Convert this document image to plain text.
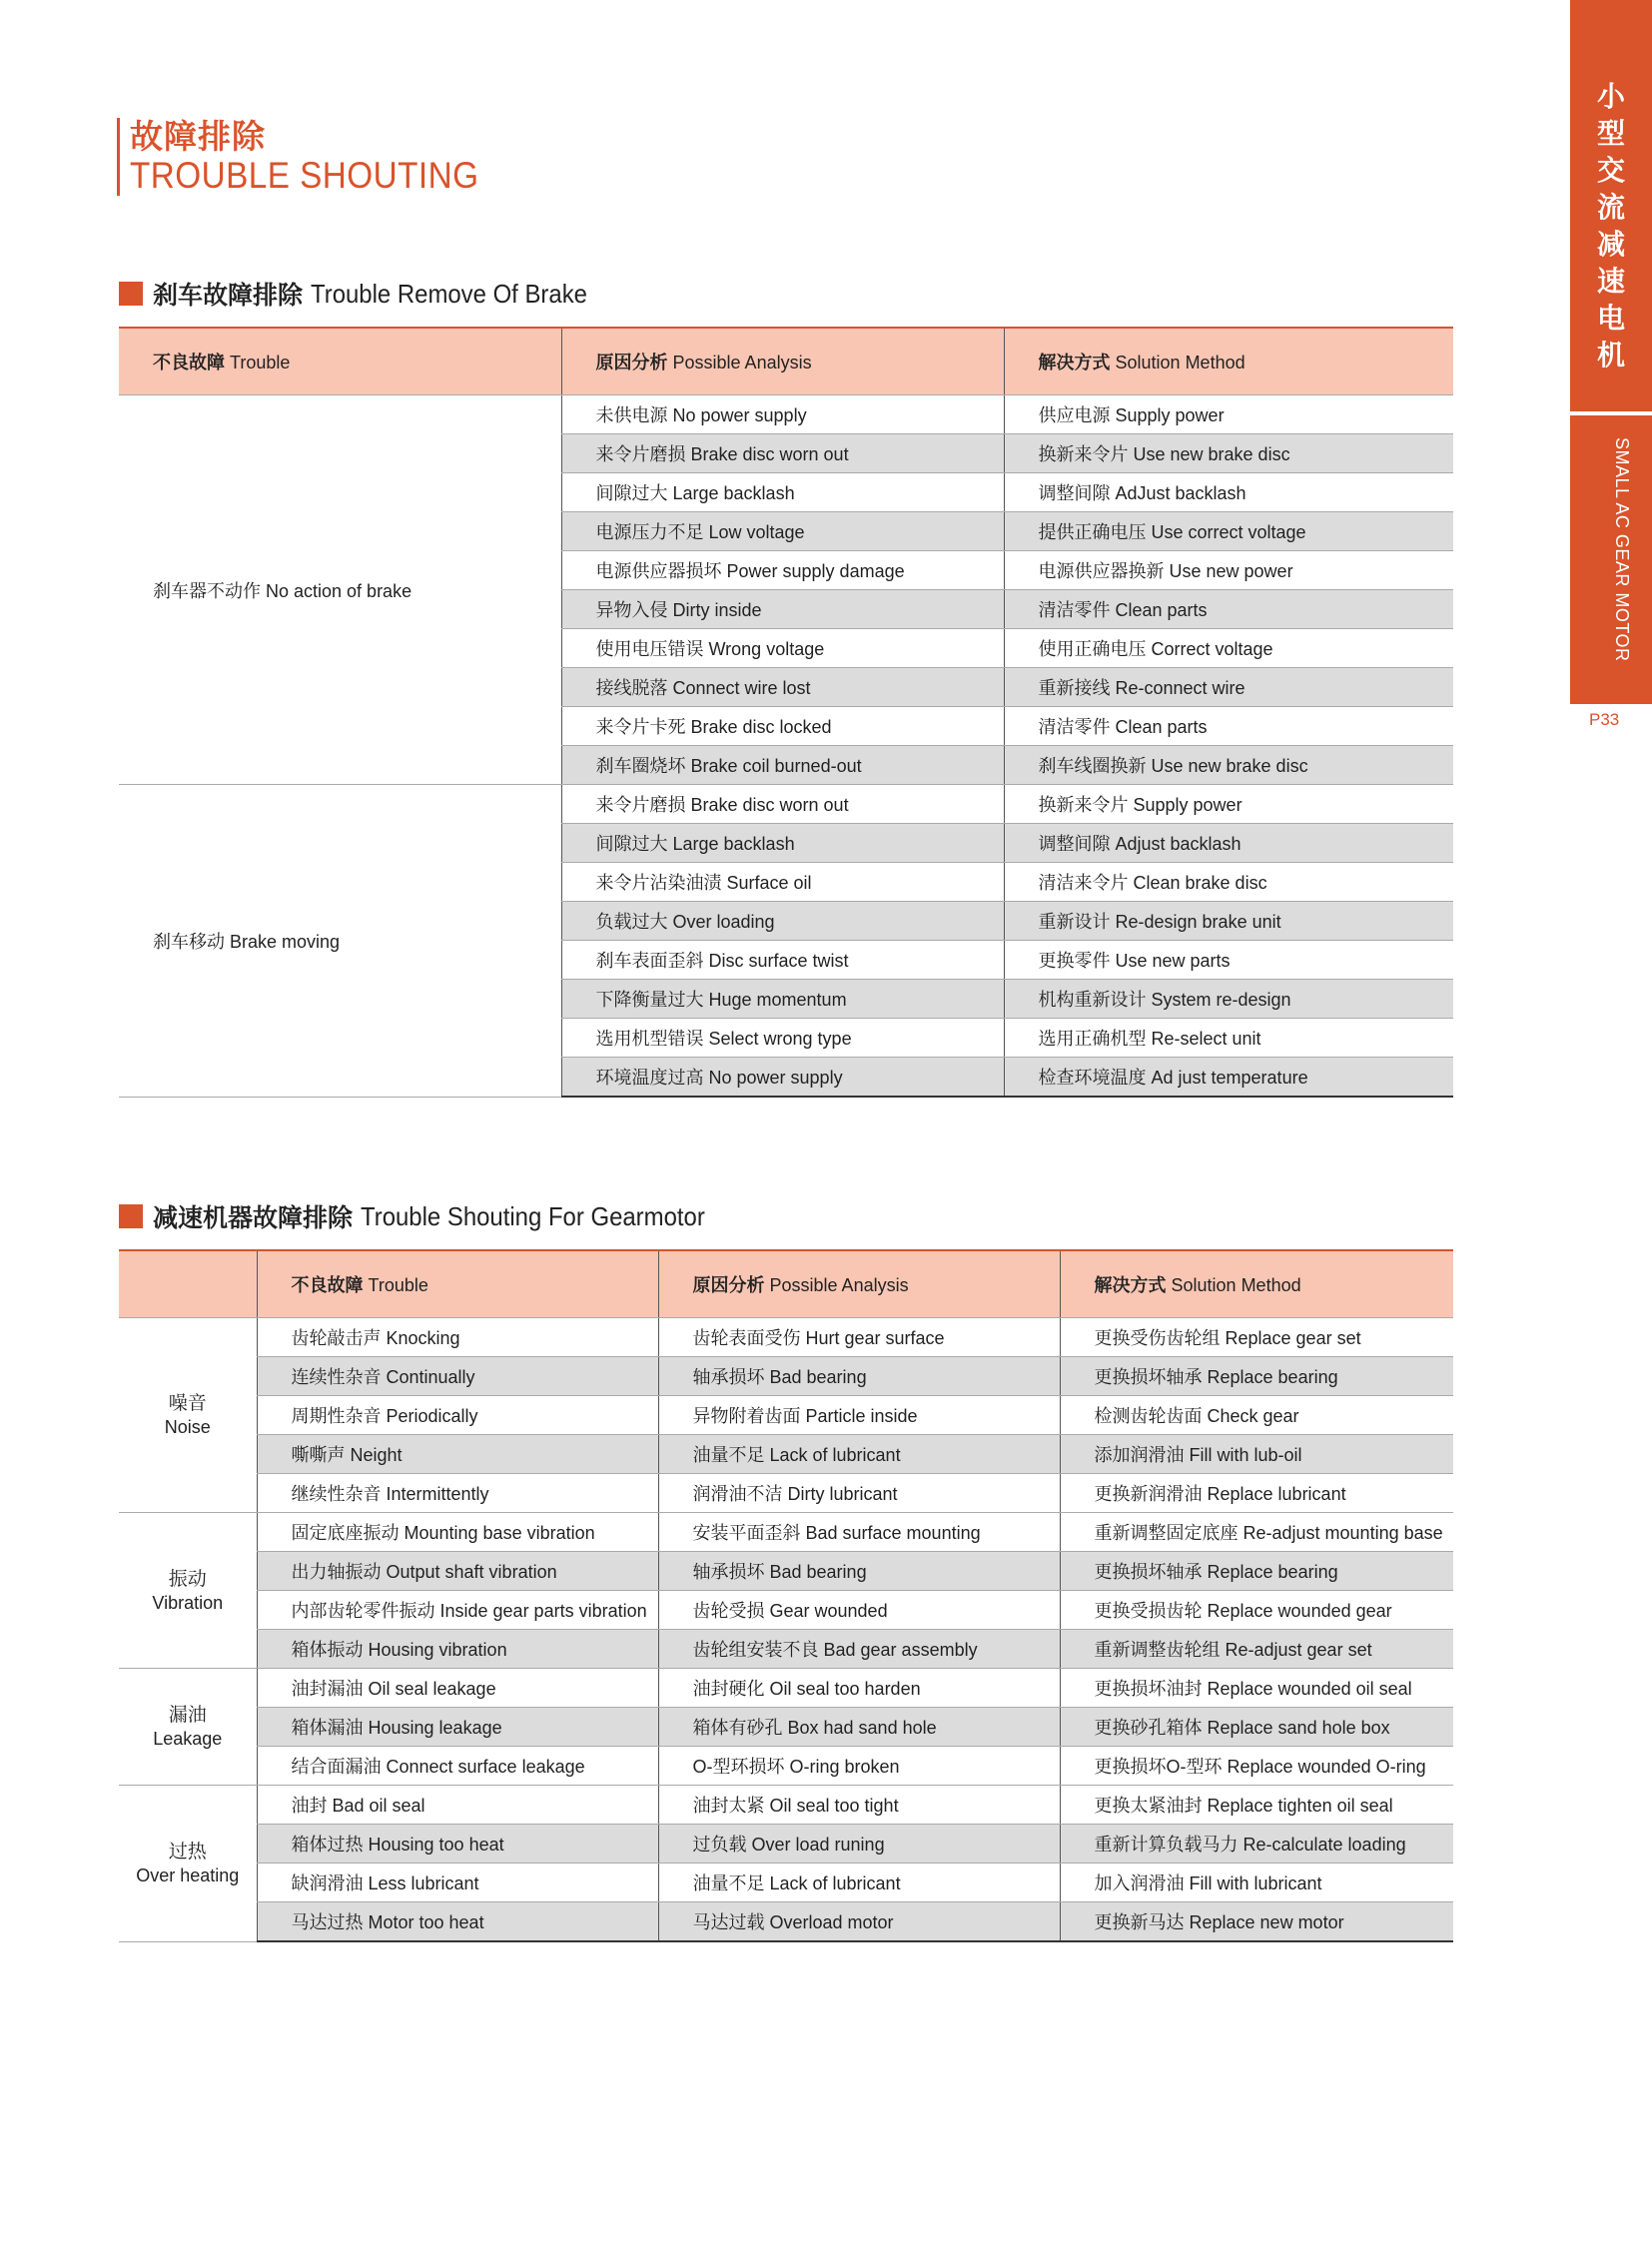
故障排除
TROUBLE SHOUTING
小
型
交
流
减
速
电
机
SMALL AC GEAR MOTOR
P33
刹车故障排除 Trouble Remove Of Brake
不良故障 Trouble	原因分析 Possible Analysis	解决方式 Solution Method
刹车器不动作 No action of brake	未供电源 No power supply	供应电源 Supply power
	来令片磨损 Brake disc worn out	换新来令片 Use new brake disc
	间隙过大 Large backlash	调整间隙 AdJust backlash
	电源压力不足 Low voltage	提供正确电压 Use correct voltage
	电源供应器损坏 Power supply damage	电源供应器换新 Use new power
	异物入侵 Dirty inside	清洁零件 Clean parts
	使用电压错误 Wrong voltage	使用正确电压 Correct voltage
	接线脱落 Connect wire lost	重新接线 Re-connect wire
	来令片卡死 Brake disc locked	清洁零件 Clean parts
	刹车圈烧坏 Brake coil burned-out	刹车线圈换新 Use new brake disc
刹车移动 Brake moving	来令片磨损 Brake disc worn out	换新来令片 Supply power
	间隙过大 Large backlash	调整间隙 Adjust backlash
	来令片沾染油渍 Surface oil	清洁来令片 Clean brake disc
	负载过大 Over loading	重新设计 Re-design brake unit
	刹车表面歪斜 Disc surface twist	更换零件 Use new parts
	下降衡量过大 Huge momentum	机构重新设计 System re-design
	选用机型错误 Select wrong type	选用正确机型 Re-select unit
	环境温度过高 No power supply	检查环境温度 Ad just temperature
减速机器故障排除 Trouble Shouting For Gearmotor
	不良故障 Trouble	原因分析 Possible Analysis	解决方式 Solution Method

噪音
Noise	齿轮敲击声 Knocking	齿轮表面受伤 Hurt gear surface	更换受伤齿轮组 Replace gear set
	连续性杂音 Continually	轴承损坏 Bad bearing	更换损坏轴承 Replace bearing
	周期性杂音 Periodically	异物附着齿面 Particle inside	检测齿轮齿面 Check gear
	嘶嘶声 Neight	油量不足 Lack of lubricant	添加润滑油 Fill with lub-oil
	继续性杂音 Intermittently	润滑油不洁 Dirty lubricant	更换新润滑油 Replace lubricant

振动
Vibration	固定底座振动 Mounting base vibration	安装平面歪斜 Bad surface mounting	重新调整固定底座 Re-adjust mounting base
	出力轴振动 Output shaft vibration	轴承损坏 Bad bearing	更换损坏轴承 Replace bearing
	内部齿轮零件振动 Inside gear parts vibration	齿轮受损 Gear wounded	更换受损齿轮 Replace wounded gear
	箱体振动 Housing vibration	齿轮组安装不良 Bad gear assembly	重新调整齿轮组 Re-adjust gear set

漏油
Leakage	油封漏油 Oil seal leakage	油封硬化 Oil seal too harden	更换损坏油封 Replace wounded oil seal
	箱体漏油 Housing leakage	箱体有砂孔 Box had sand hole	更换砂孔箱体 Replace sand hole box
	结合面漏油 Connect surface leakage	O-型环损坏 O-ring broken	更换损坏O-型环 Replace wounded O-ring

过热
Over heating	油封 Bad oil seal	油封太紧 Oil seal too tight	更换太紧油封 Replace tighten oil seal
	箱体过热 Housing too heat	过负载 Over load runing	重新计算负载马力 Re-calculate loading
	缺润滑油 Less lubricant	油量不足 Lack of lubricant	加入润滑油 Fill with lubricant
	马达过热 Motor too heat	马达过载 Overload motor	更换新马达 Replace new motor
